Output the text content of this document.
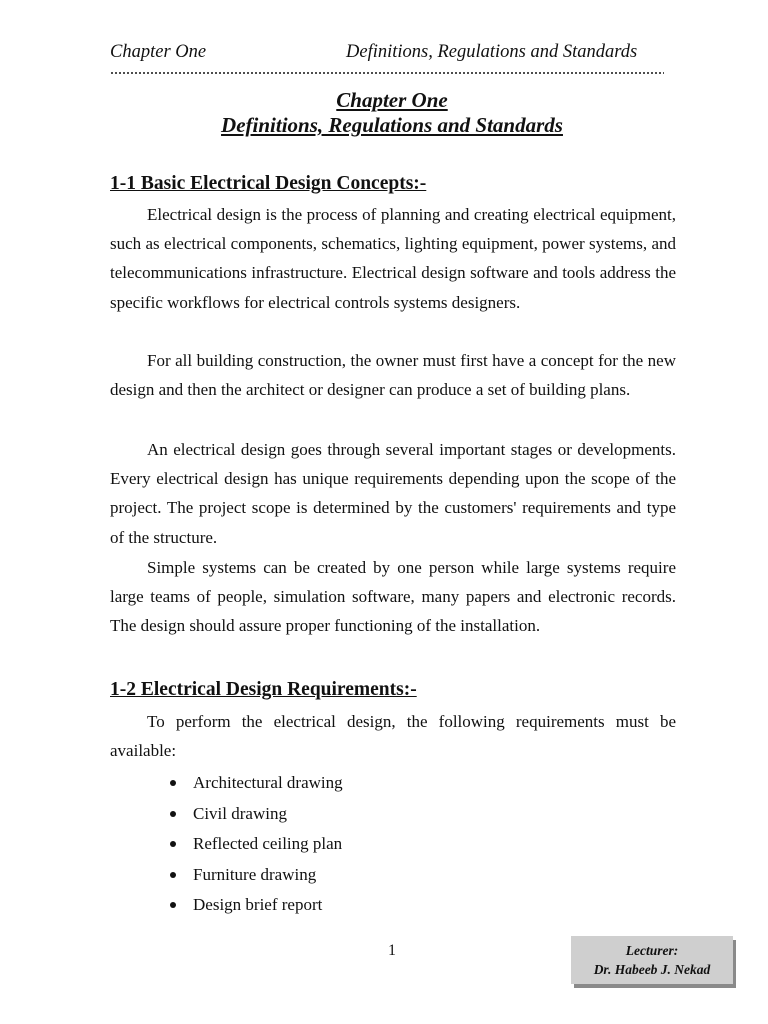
Chapter One	Definitions, Regulations and Standards
Chapter One
Definitions, Regulations and Standards
1-1 Basic Electrical Design Concepts:-

Electrical design is the process of planning and creating electrical equipment, such as electrical components, schematics, lighting equipment, power systems, and telecommunications infrastructure. Electrical design software and tools address the specific workflows for electrical controls systems designers.

For all building construction, the owner must first have a concept for the new design and then the architect or designer can produce a set of building plans.

An electrical design goes through several important stages or developments. Every electrical design has unique requirements depending upon the scope of the project. The project scope is determined by the customers' requirements and type of the structure.

Simple systems can be created by one person while large systems require large teams of people, simulation software, many papers and electronic records. The design should assure proper functioning of the installation.

1-2 Electrical Design Requirements:-

To perform the electrical design, the following requirements must be available:

Architectural drawing
Civil drawing
Reflected ceiling plan
Furniture drawing
Design brief report
1	Lecturer:
Dr. Habeeb J. Nekad
